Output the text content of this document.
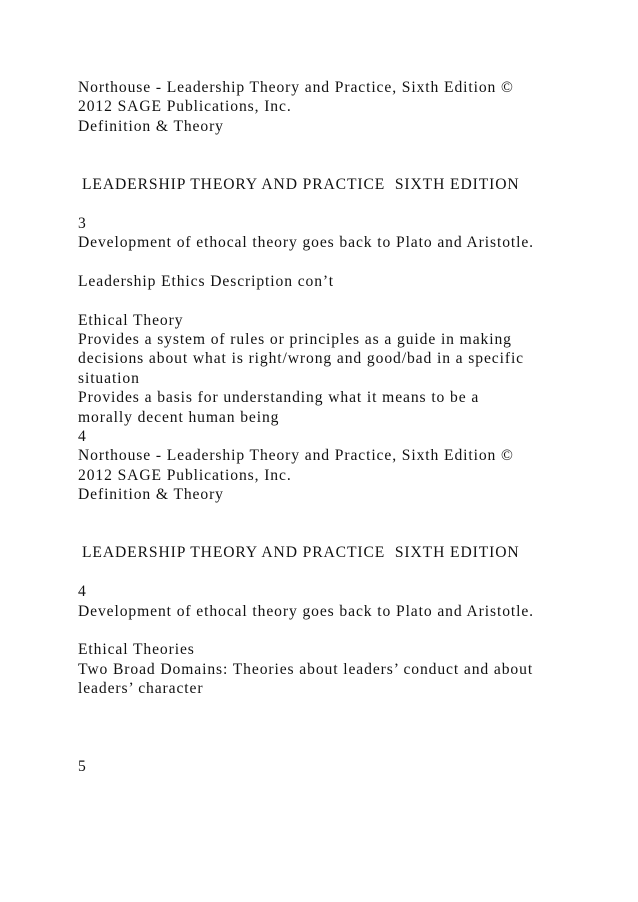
Northouse - Leadership Theory and Practice, Sixth Edition ©
2012 SAGE Publications, Inc.
Definition & Theory
LEADERSHIP THEORY AND PRACTICE  SIXTH EDITION
3
Development of ethocal theory goes back to Plato and Aristotle.
Leadership Ethics Description con’t
Ethical Theory
Provides a system of rules or principles as a guide in making
decisions about what is right/wrong and good/bad in a specific
situation
Provides a basis for understanding what it means to be a
morally decent human being
4
Northouse - Leadership Theory and Practice, Sixth Edition ©
2012 SAGE Publications, Inc.
Definition & Theory
LEADERSHIP THEORY AND PRACTICE  SIXTH EDITION
4
Development of ethocal theory goes back to Plato and Aristotle.
Ethical Theories
Two Broad Domains: Theories about leaders’ conduct and about
leaders’ character
5
